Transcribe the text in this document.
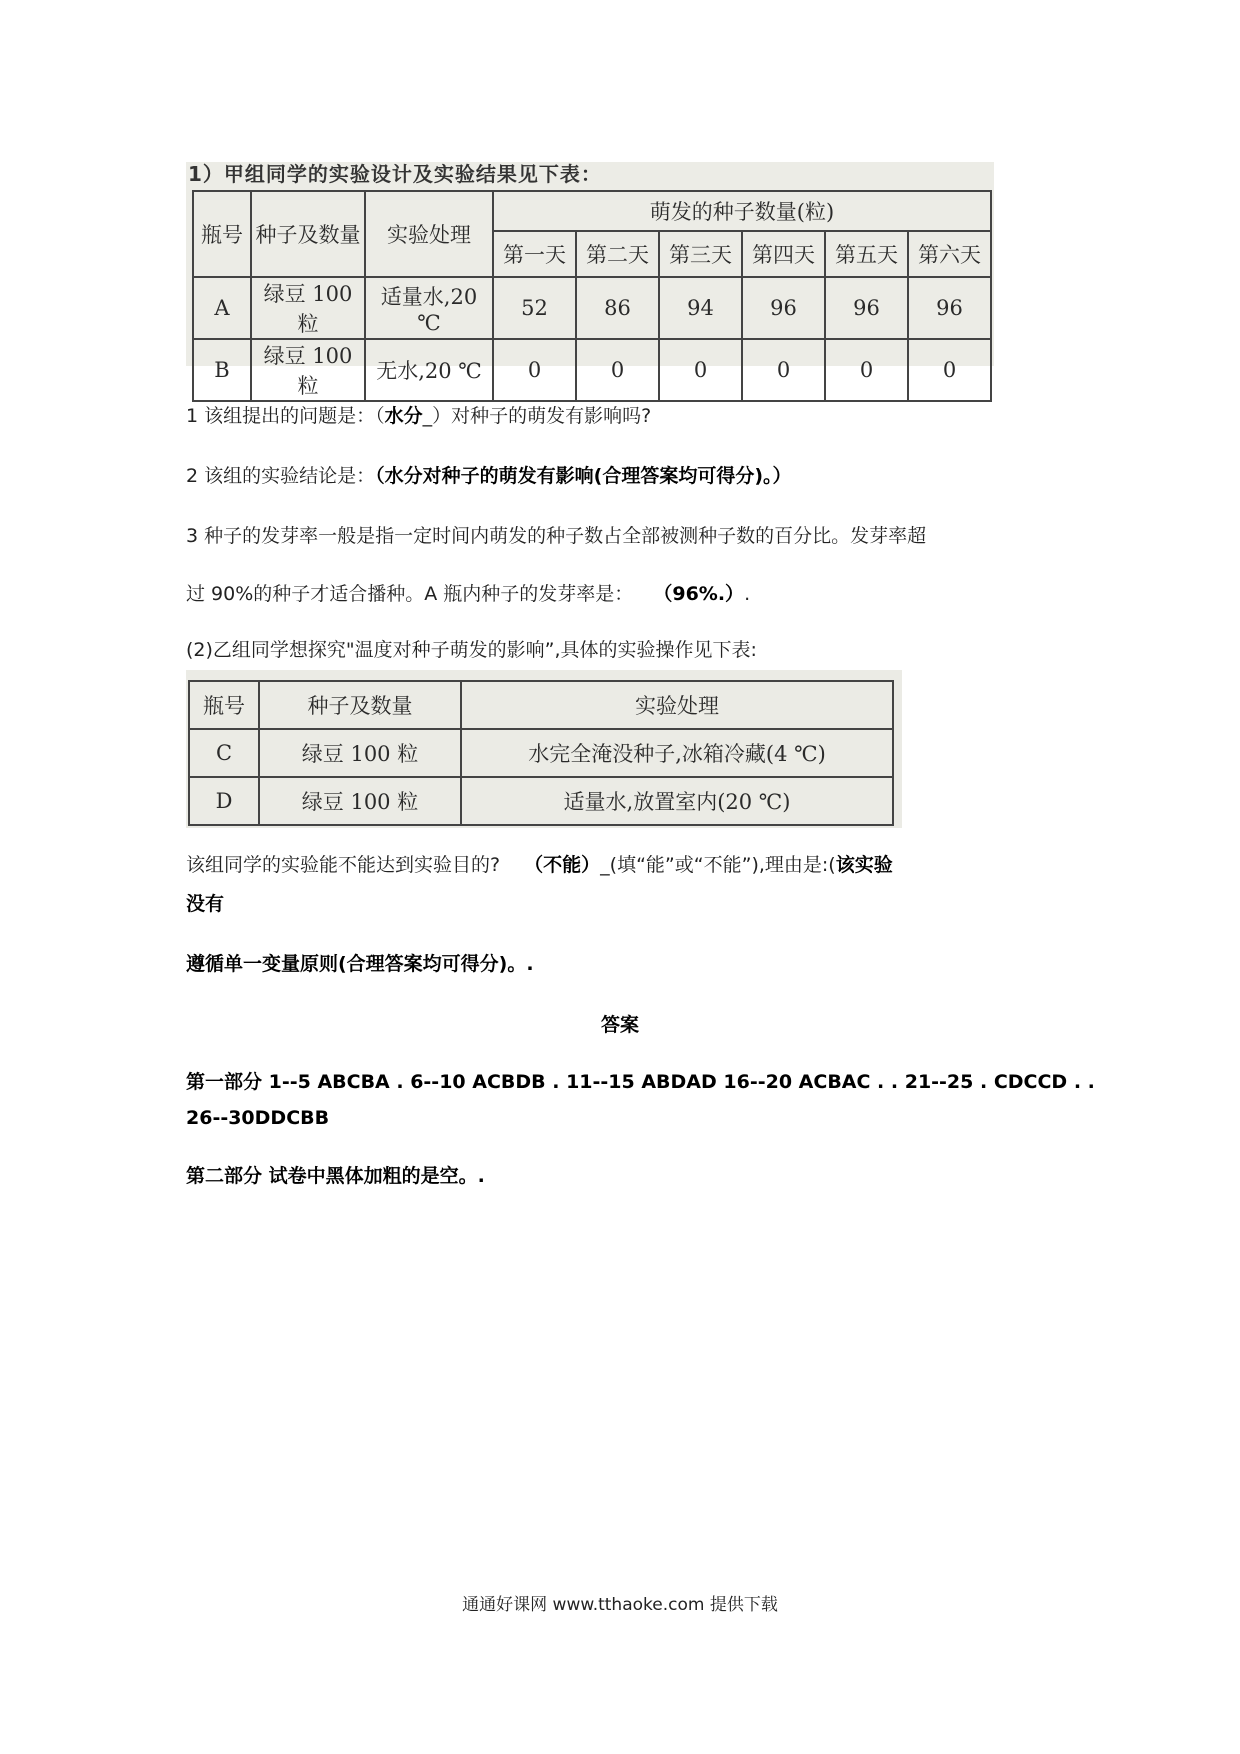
1）甲组同学的实验设计及实验结果见下表：
瓶号	种子及数量	实验处理	萌发的种子数量(粒)					
			第一天	第二天	第三天	第四天	第五天	第六天
A	绿豆 100 粒	适量水,20 ℃	52	86	94	96	96	96
B	绿豆 100 粒	无水,20 ℃	0	0	0	0	0	0
1 该组提出的问题是：（水分_）对种子的萌发有影响吗?
2 该组的实验结论是：（水分对种子的萌发有影响(合理答案均可得分)。）
3 种子的发芽率一般是指一定时间内萌发的种子数占全部被测种子数的百分比。发芽率超
过 90%的种子才适合播种。A 瓶内种子的发芽率是： （96%.）.
(2)乙组同学想探究"温度对种子萌发的影响”,具体的实验操作见下表:
瓶号	种子及数量	实验处理
C	绿豆 100 粒	水完全淹没种子,冰箱冷藏(4 ℃)
D	绿豆 100 粒	适量水,放置室内(20 ℃)
该组同学的实验能不能达到实验目的? （不能）_(填“能”或“不能”),理由是:(该实验
没有
遵循单一变量原则(合理答案均可得分)。.
答案
第一部分 1--5 ABCBA . 6--10 ACBDB . 11--15 ABDAD 16--20 ACBAC . . 21--25 . CDCCD . .
26--30DDCBB
第二部分 试卷中黑体加粗的是空。.
通通好课网 www.tthaoke.com 提供下载
